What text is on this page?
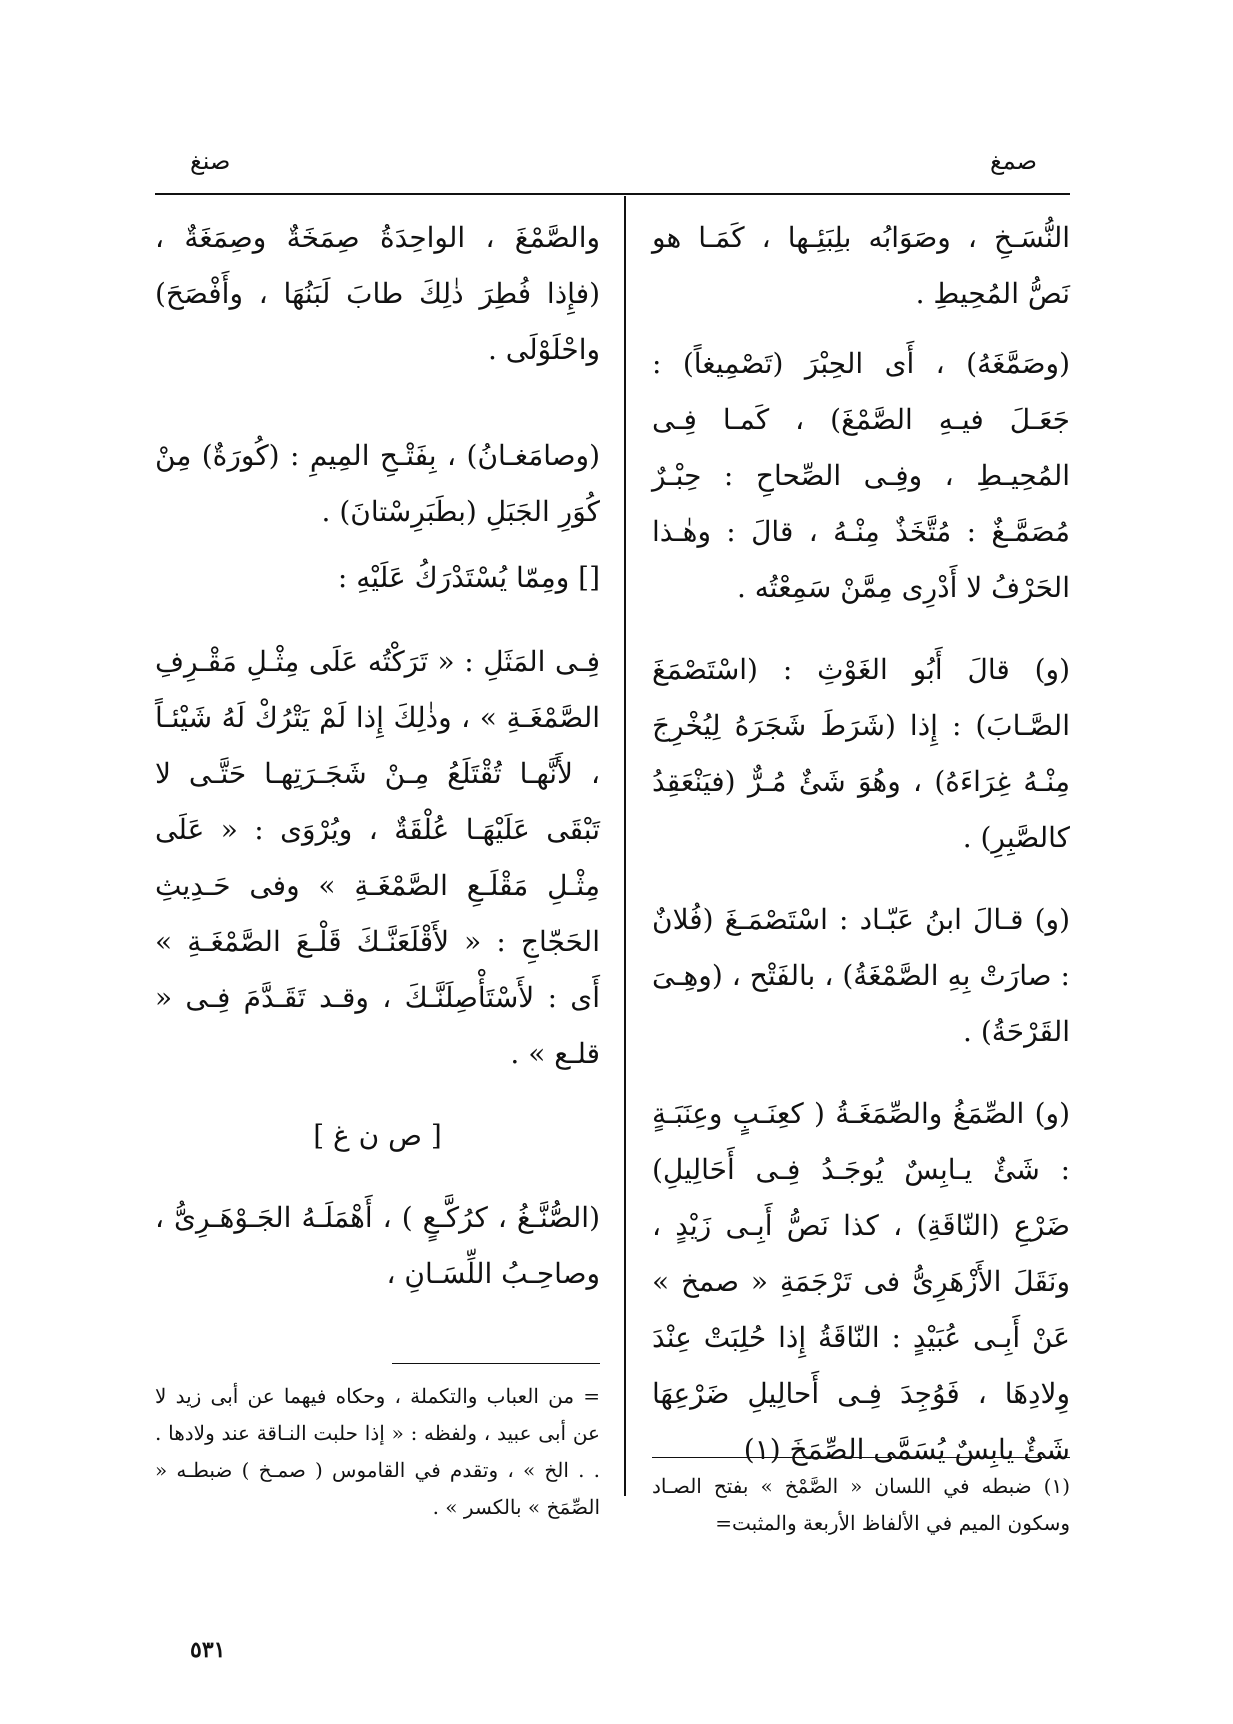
صمغ
صنغ

النُّسَـخِ ، وصَوَابُه بلِبَئِـها ، كَمَـا هو نَصُّ المُحِيطِ .

(وصَمَّغَهُ) ، أَى الحِبْرَ (تَصْمِيغاً) : جَعَـلَ فيـهِ الصَّمْغَ) ، كَمـا فِـى المُحِيـطِ ، وفِـى الصِّحاحِ : حِبْـرٌ مُصَمَّـغٌ : مُتَّخَذٌ مِنْـهُ ، قالَ : وهٰـذا الحَرْفُ لا أَدْرِى مِمَّنْ سَمِعْتُه .

(و) قالَ أَبُو الغَوْثِ : (اسْتَصْمَغَ الصَّـابَ) : إِذا (شَرَطَ شَجَرَهُ لِيُخْرِجَ مِنْـهُ غِرَاءَهُ) ، وهُوَ شَئٌ مُـرٌّ (فيَنْعَقِدُ كالصَّبِرِ) .

(و) قـالَ ابنُ عَبّـاد : اسْتَصْمَـغَ (فُلانٌ : صارَتْ بِهِ الصَّمْغَةُ) ، بالفَتْح ، (وهِـىَ القَرْحَةُ) .

(و) الصِّمَغُ والصِّمَغَـةُ ( كعِنَـبٍ وعِنَبَـةٍ : شَئٌ يـابِسٌ يُوجَـدُ فِـى أَحَالِيلِ) ضَرْعِ (النّاقَةِ) ، كذا نَصُّ أَبِـى زَيْدٍ ، ونَقَلَ الأَزْهَرِىُّ فى تَرْجَمَةِ « صمخ » عَنْ أَبِـى عُبَيْدٍ : النّاقَةُ إِذا حُلِبَتْ عِنْدَ وِلادِهَا ، فَوُجِدَ فِـى أَحالِيلِ ضَرْعِهَا شَئٌ يابِسٌ يُسَمَّى الصِّمَخَ (١)

والصَّمْغَ ، الواحِدَةُ صِمَخَةٌ وصِمَغَةٌ ، (فإِذا فُطِرَ ذٰلِكَ طابَ لَبَنُهَا ، وأَفْصَحَ) واحْلَوْلَى .

(وصامَغـانُ) ، بِفَتْـحِ المِيمِ : (كُورَةٌ) مِنْ كُوَرِ الجَبَلِ (بطَبَرِسْتانَ) .

[] ومِمّا يُسْتَدْرَكُ عَلَيْهِ :

فِـى المَثَلِ : « تَرَكْتُه عَلَى مِثْـلِ مَقْـرِفِ الصَّمْغَـةِ » ، وذٰلِكَ إِذا لَمْ يَتْرُكْ لَهُ شَيْئـاً ، لأَنَّهـا تُقْتَلَعُ مِـنْ شَجَـرَتِهـا حَتَّـى لا تَبْقَى عَلَيْهَـا عُلْقَةٌ ، ويُرْوَى : « عَلَى مِثْـلِ مَقْلَـعِ الصَّمْغَـةِ » وفى حَـدِيثِ الحَجّاجِ : « لأَقْلَعَنَّـكَ قَلْـعَ الصَّمْغَـةِ » أَى : لأَسْتَأْصِلَنَّـكَ ، وقـد تَقَـدَّمَ فِـى « قلـع » .

[ ص ن غ ]

(الصُّنَّـغُ ، كرُكَّـعٍ ) ، أَهْمَلَـهُ الجَـوْهَـرِىُّ ، وصاحِـبُ اللِّسَـانِ ،

(١) ضبطه في اللسان « الصَّمْخ » بفتح الصـاد وسكون الميم في الألفاظ الأربعة والمثبت=

= من العباب والتكملة ، وحكاه فيهما عن أبى زيد لا عن أبى عبيد ، ولفظه : « إذا حلبت النـاقة عند ولادها . . . الخ » ، وتقدم في القاموس ( صمـخ ) ضبطـه « الصِّمَخ » بالكسر » .

٥٣١
